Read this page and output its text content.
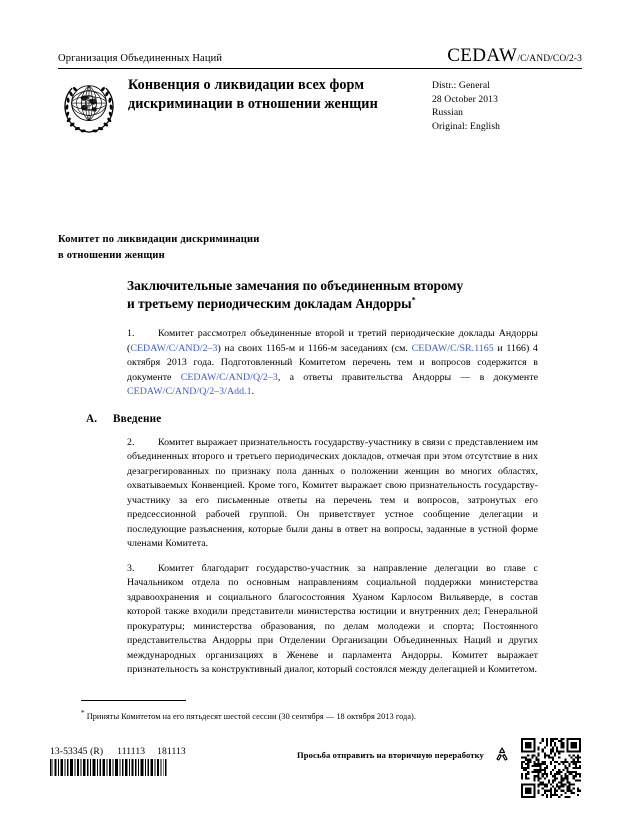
Организация Объединенных Наций	CEDAW /C/AND/CO/2-3
Конвенция о ликвидации всех форм дискриминации в отношении женщин
Distr.: General
28 October 2013
Russian
Original: English
Комитет по ликвидации дискриминации
в отношении женщин
Заключительные замечания по объединенным второму
и третьему периодическим докладам Андорры*

1. Комитет рассмотрел объединенные второй и третий периодические доклады Андорры (CEDAW/C/AND/2–3) на своих 1165-м и 1166-м заседаниях (см. CEDAW/C/SR.1165 и 1166) 4 октября 2013 года. Подготовленный Комитетом перечень тем и вопросов содержится в документе CEDAW/C/AND/Q/2–3, а ответы правительства Андорры — в документе CEDAW/C/AND/Q/2–3/Add.1.

A. Введение

2. Комитет выражает признательность государству-участнику в связи с представлением им объединенных второго и третьего периодических докладов, отмечая при этом отсутствие в них дезагрегированных по признаку пола данных о положении женщин во многих областях, охватываемых Конвенцией. Кроме того, Комитет выражает свою признательность государству-участнику за его письменные ответы на перечень тем и вопросов, затронутых его предсессионной рабочей группой. Он приветствует устное сообщение делегации и последующие разъяснения, которые были даны в ответ на вопросы, заданные в устной форме членами Комитета.

3. Комитет благодарит государство-участник за направление делегации во главе с Начальником отдела по основным направлениям социальной поддержки министерства здравоохранения и социального благосостояния Хуаном Карлосом Вильяверде, в состав которой также входили представители министерства юстиции и внутренних дел; Генеральной прокуратуры; министерства образования, по делам молодежи и спорта; Постоянного представительства Андорры при Отделении Организации Объединенных Наций и других международных организациях в Женеве и парламента Андорры. Комитет выражает признательность за конструктивный диалог, который состоялся между делегацией и Комитетом.

* Приняты Комитетом на его пятьдесят шестой сессии (30 сентября — 18 октября 2013 года).
13-53345 (R) 111113 181113	Просьба отправить на вторичную переработку
